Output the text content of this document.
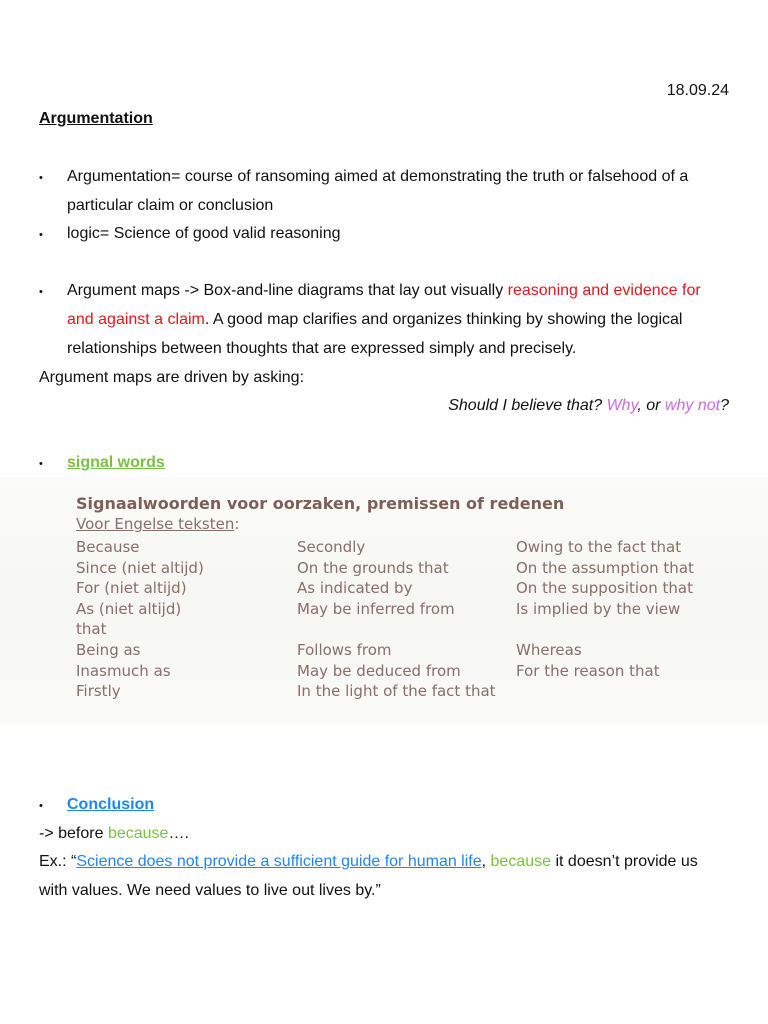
18.09.24
Argumentation
• Argumentation= course of ransoming aimed at demonstrating the truth or falsehood of a
particular claim or conclusion
• logic= Science of good valid reasoning
• Argument maps -> Box-and-line diagrams that lay out visually reasoning and evidence for
and against a claim. A good map clarifies and organizes thinking by showing the logical
relationships between thoughts that are expressed simply and precisely.
Argument maps are driven by asking:
Should I believe that? Why, or why not?
• signal words
Signaalwoorden voor oorzaken, premissen of redenen
Voor Engelse teksten:
Because
Since (niet altijd)
For (niet altijd)
As (niet altijd)
that
Being as
Inasmuch as
Firstly
Secondly
On the grounds that
As indicated by
May be inferred from
Follows from
May be deduced from
In the light of the fact that
Owing to the fact that
On the assumption that
On the supposition that
Is implied by the view
Whereas
For the reason that
• Conclusion
-> before because….
Ex.: “Science does not provide a sufficient guide for human life, because it doesn’t provide us
with values. We need values to live out lives by.”
